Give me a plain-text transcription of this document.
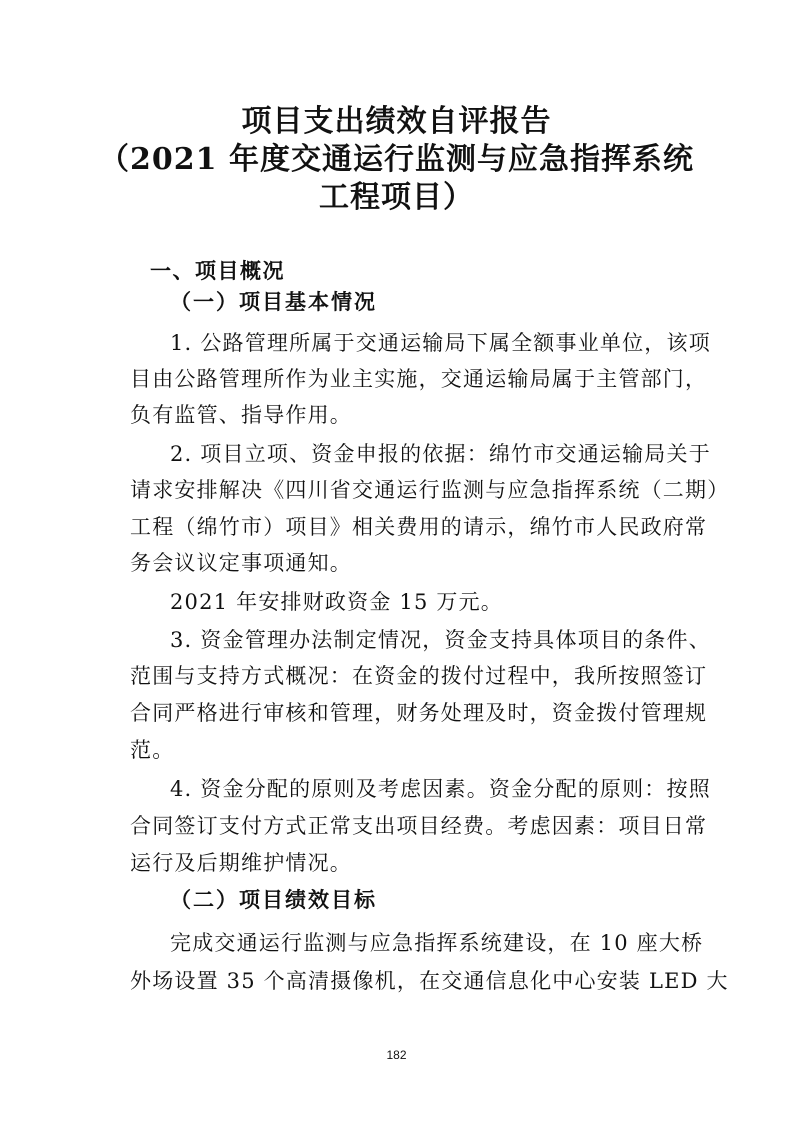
项目支出绩效自评报告
（2021 年度交通运行监测与应急指挥系统
工程项目）
一、项目概况
（一）项目基本情况
1. 公路管理所属于交通运输局下属全额事业单位，该项
目由公路管理所作为业主实施，交通运输局属于主管部门，
负有监管、指导作用。
2. 项目立项、资金申报的依据：绵竹市交通运输局关于
请求安排解决《四川省交通运行监测与应急指挥系统（二期）
工程（绵竹市）项目》相关费用的请示，绵竹市人民政府常
务会议议定事项通知。
2021 年安排财政资金 15 万元。
3. 资金管理办法制定情况，资金支持具体项目的条件、
范围与支持方式概况：在资金的拨付过程中，我所按照签订
合同严格进行审核和管理，财务处理及时，资金拨付管理规
范。
4. 资金分配的原则及考虑因素。资金分配的原则：按照
合同签订支付方式正常支出项目经费。考虑因素：项目日常
运行及后期维护情况。
（二）项目绩效目标
完成交通运行监测与应急指挥系统建设，在 10 座大桥
外场设置 35 个高清摄像机，在交通信息化中心安装 LED 大
182
